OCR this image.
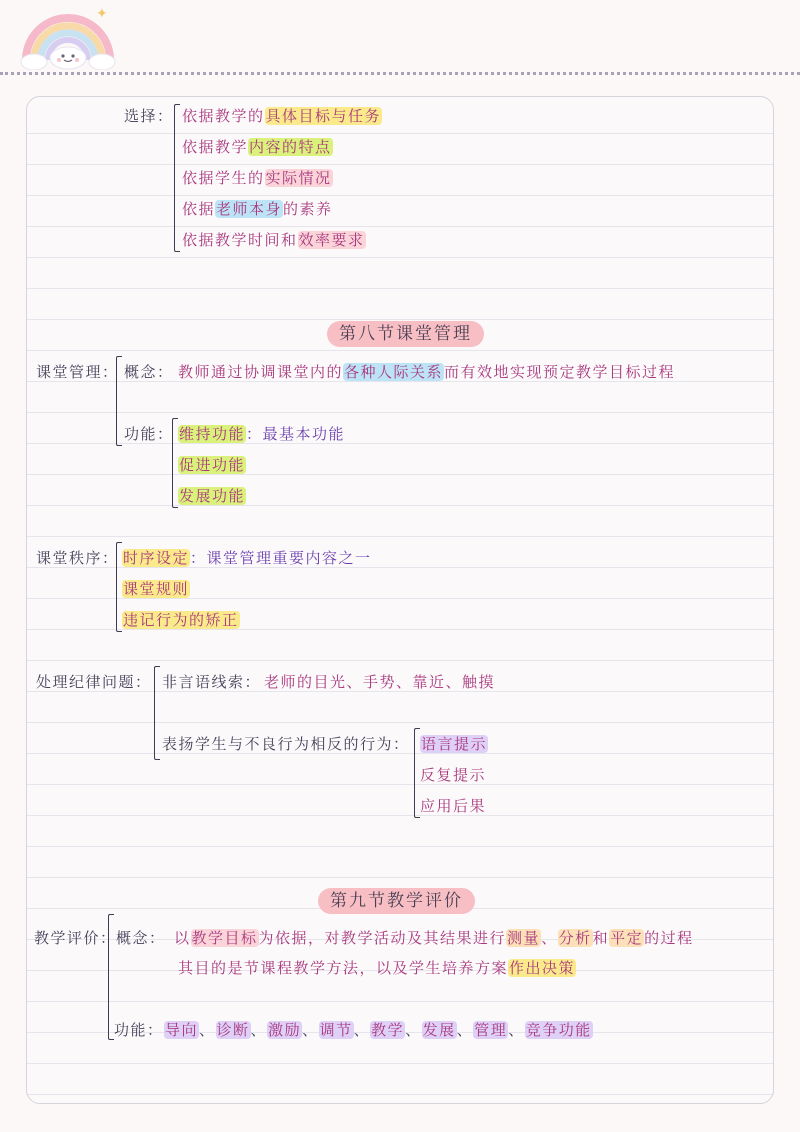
✦
选择： 依据教学的具体目标与任务
依据教学内容的特点
依据学生的实际情况
依据老师本身的素养
依据教学时间和效率要求
第八节课堂管理
课堂管理： 概念： 教师通过协调课堂内的各种人际关系而有效地实现预定教学目标过程
功能： 维持功能：最基本功能
促进功能
发展功能
课堂秩序： 时序设定：课堂管理重要内容之一
课堂规则
违记行为的矫正
处理纪律问题： 非言语线索： 老师的目光、手势、靠近、触摸
表扬学生与不良行为相反的行为： 语言提示
反复提示
应用后果
第九节教学评价
教学评价： 概念： 以教学目标为依据，对教学活动及其结果进行测量、分析和平定的过程
其目的是节课程教学方法，以及学生培养方案作出决策
功能： 导向、诊断、激励、调节、教学、发展、管理、竞争功能
